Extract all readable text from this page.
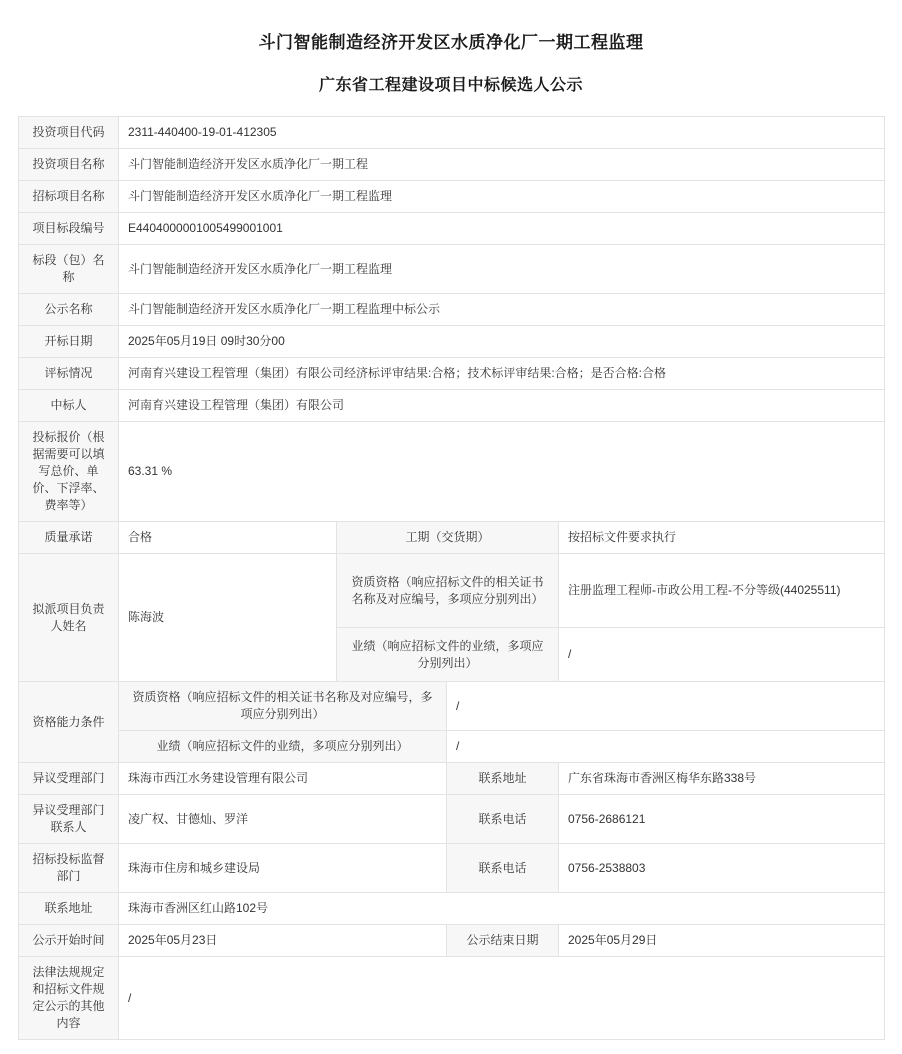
斗门智能制造经济开发区水质净化厂一期工程监理
广东省工程建设项目中标候选人公示
投资项目代码	2311-440400-19-01-412305			
投资项目名称	斗门智能制造经济开发区水质净化厂一期工程			
招标项目名称	斗门智能制造经济开发区水质净化厂一期工程监理			
项目标段编号	E4404000001005499001001			
标段（包）名称	斗门智能制造经济开发区水质净化厂一期工程监理			
公示名称	斗门智能制造经济开发区水质净化厂一期工程监理中标公示			
开标日期	2025年05月19日 09时30分00			
评标情况	河南育兴建设工程管理（集团）有限公司经济标评审结果:合格；技术标评审结果:合格；是否合格:合格			
中标人	河南育兴建设工程管理（集团）有限公司			
投标报价（根据需要可以填写总价、单价、下浮率、费率等）	63.31 %			
质量承诺	合格	工期（交货期）		按招标文件要求执行
拟派项目负责人姓名	陈海波	资质资格（响应招标文件的相关证书名称及对应编号，多项应分别列出）		注册监理工程师-市政公用工程-不分等级(44025511)
		业绩（响应招标文件的业绩，多项应分别列出）		/
资格能力条件	资质资格（响应招标文件的相关证书名称及对应编号，多项应分别列出）		/	
	业绩（响应招标文件的业绩，多项应分别列出）		/	
异议受理部门	珠海市西江水务建设管理有限公司		联系地址	广东省珠海市香洲区梅华东路338号
异议受理部门联系人	凌广权、甘德灿、罗洋		联系电话	0756-2686121
招标投标监督部门	珠海市住房和城乡建设局		联系电话	0756-2538803
联系地址	珠海市香洲区红山路102号			
公示开始时间	2025年05月23日		公示结束日期	2025年05月29日
法律法规规定和招标文件规定公示的其他内容	/			
